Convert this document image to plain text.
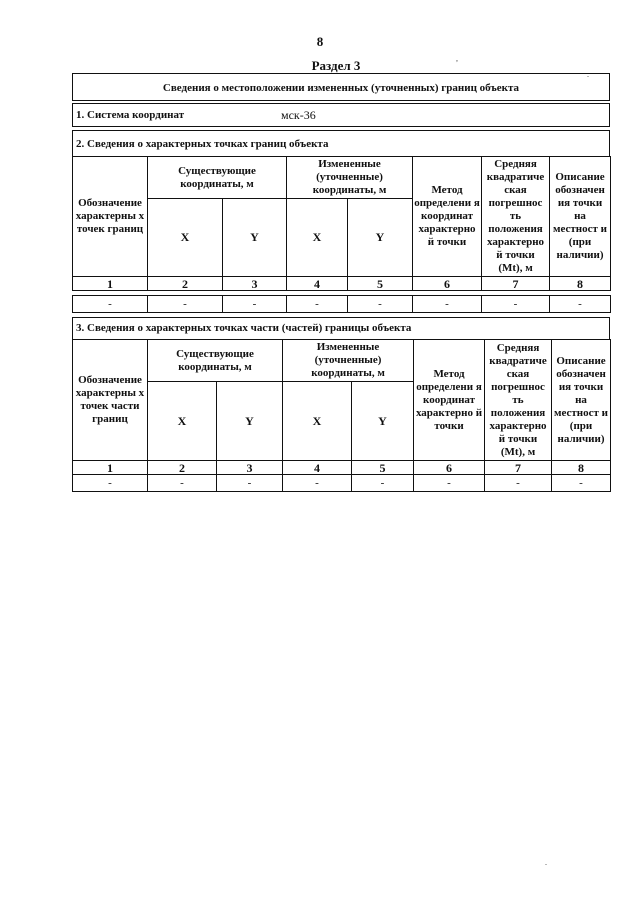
8
Раздел 3
Сведения о местоположении измененных (уточненных) границ объекта
1. Система координат	мск-36
2. Сведения о характерных точках границ объекта
Обозначение характерны х точек границ	Существующие координаты, м		Измененные (уточненные) координаты, м		Метод определени я координат характерно й точки	Средняя квадратиче ская погрешнос ть положения характерно й точки (Mt), м	Описание обозначен ия точки на местност и (при наличии)
	X	Y	X	Y			
1	2	3	4	5	6	7	8
-	-	-	-	-	-	-	-
3. Сведения о характерных точках части (частей) границы объекта
Обозначение характерны х точек части границ	Существующие координаты, м		Измененные (уточненные) координаты, м		Метод определени я координат характерно й точки	Средняя квадратиче ская погрешнос ть положения характерно й точки (Mt), м	Описание обозначен ия точки на местност и (при наличии)
	X	Y	X	Y			
1	2	3	4	5	6	7	8
-	-	-	-	-	-	-	-
,
.
.
